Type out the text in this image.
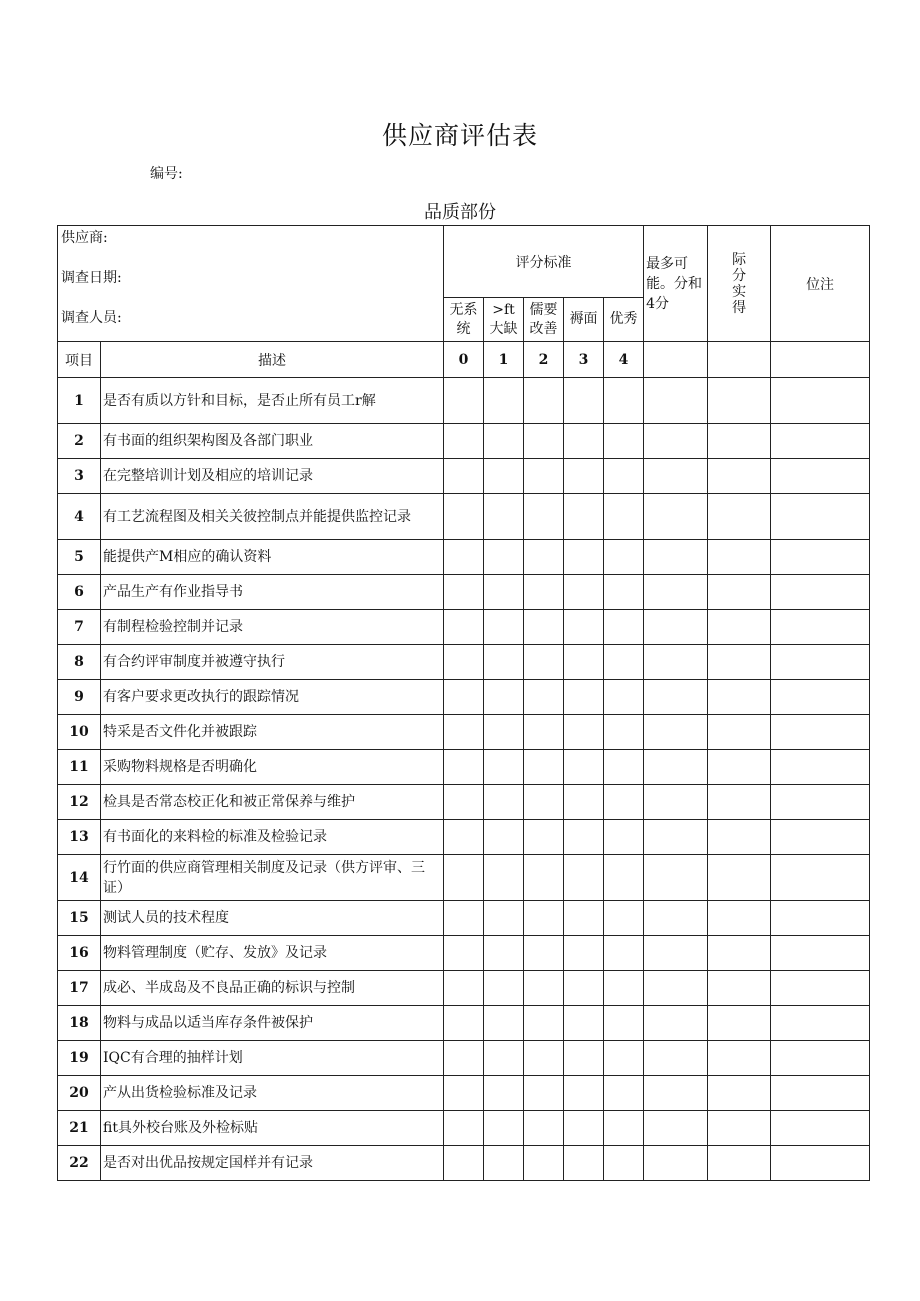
供应商评估表
编号:
品质部份
供应商:
调查日期:
调查人员:		评分标准					最多可能。分和4分	际分实得	位注

		无系统	>ft大缺	儒要改善	褥面	优秀			

项目	描述	0	1	2	3	4			
1	是否有质以方针和目标，是否止所有员工r解								
2	有书面的组织架构图及各部门职业								
3	在完整培训计划及相应的培训记录								
4	有工艺流程图及相关关彼控制点并能提供监控记录								
5	能提供产M相应的确认资料								
6	产品生产有作业指导书								
7	有制程检验控制并记录								
8	有合约评审制度并被遵守执行								
9	有客户要求更改执行的跟踪情况								
10	特采是否文件化并被跟踪								
11	采购物料规格是否明确化								
12	检具是否常态校正化和被正常保养与维护								
13	有书面化的来料检的标准及检验记录								
14	行竹面的供应商管理相关制度及记录（供方评审、三证）								
15	测试人员的技术程度								
16	物料管理制度（贮存、发放》及记录								
17	成必、半成岛及不良品正确的标识与控制								
18	物料与成品以适当库存条件被保护								
19	IQC有合理的抽样计划								
20	产从出货检验标准及记录								
21	fit具外校台账及外检标贴								
22	是否对出优品按规定国样并有记录								
